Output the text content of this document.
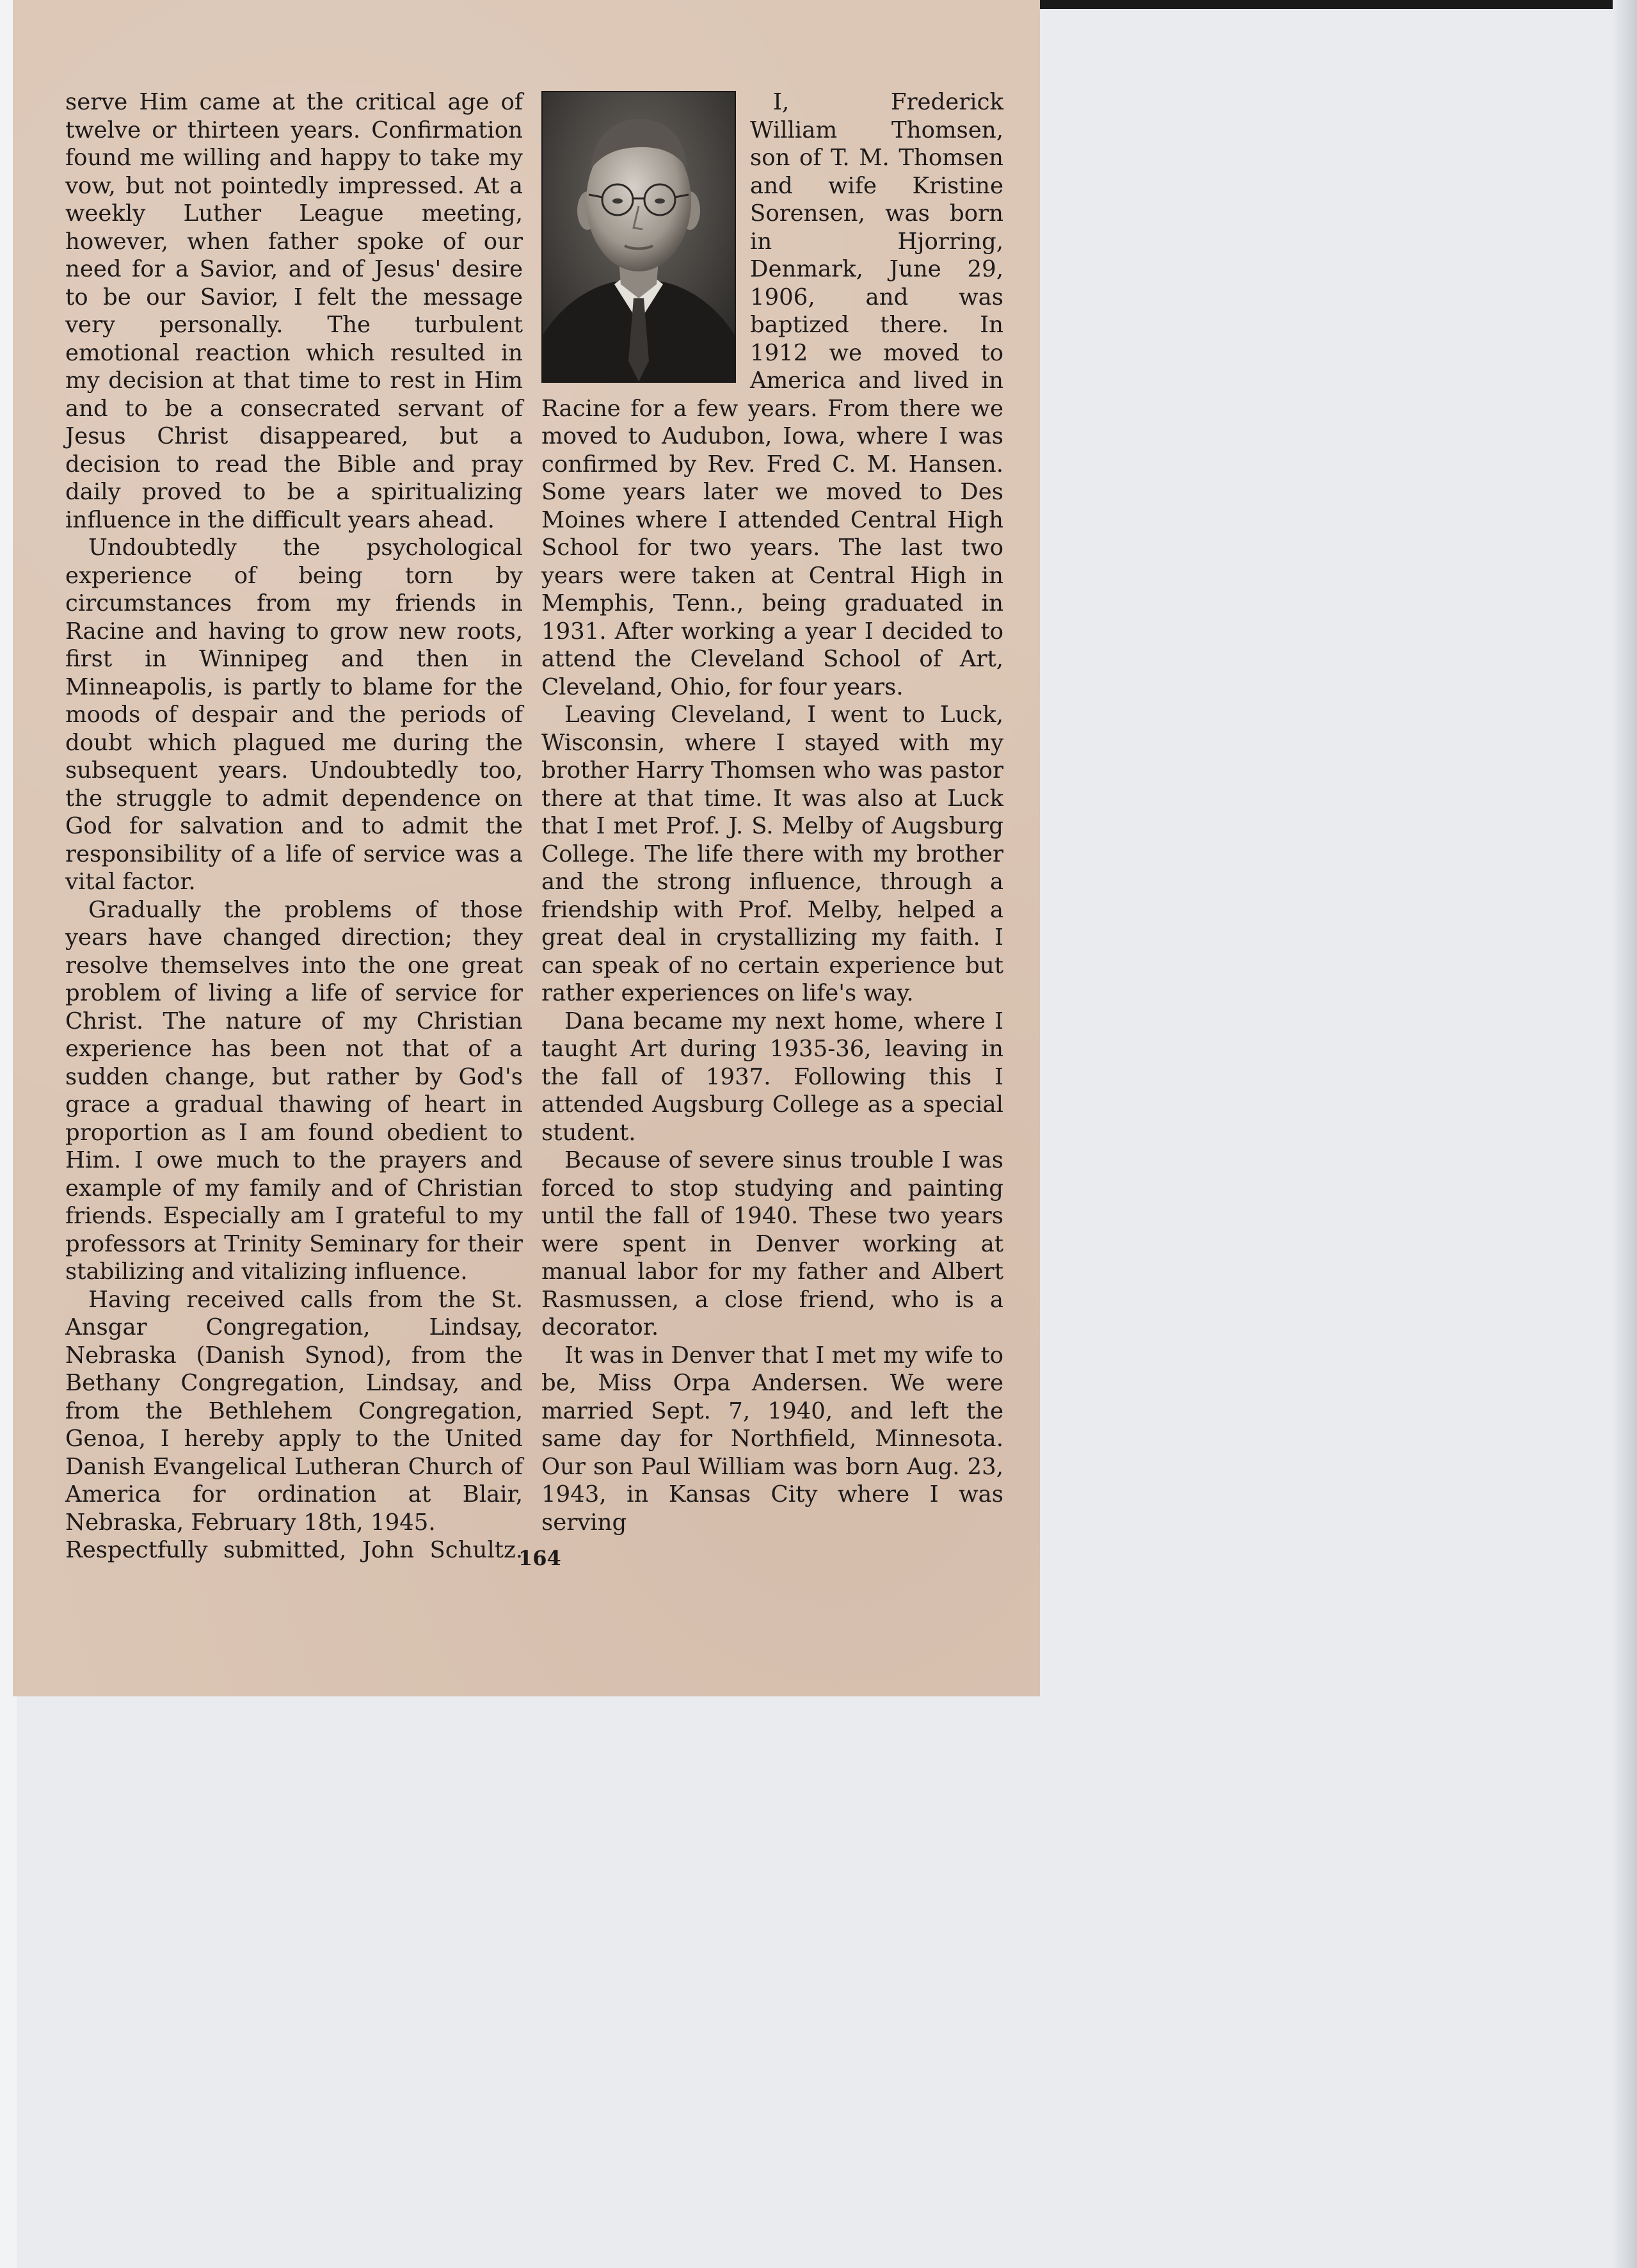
serve Him came at the critical age of twelve or thirteen years. Confirmation found me willing and happy to take my vow, but not pointedly impressed. At a weekly Luther League meeting, however, when father spoke of our need for a Savior, and of Jesus' desire to be our Savior, I felt the message very personally. The turbulent emotional reaction which resulted in my decision at that time to rest in Him and to be a consecrated servant of Jesus Christ disappeared, but a decision to read the Bible and pray daily proved to be a spiritualizing influence in the difficult years ahead.

Undoubtedly the psychological experience of being torn by circumstances from my friends in Racine and having to grow new roots, first in Winnipeg and then in Minneapolis, is partly to blame for the moods of despair and the periods of doubt which plagued me during the subsequent years. Undoubtedly too, the struggle to admit dependence on God for salvation and to admit the responsibility of a life of service was a vital factor.

Gradually the problems of those years have changed direction; they resolve themselves into the one great problem of living a life of service for Christ. The nature of my Christian experience has been not that of a sudden change, but rather by God's grace a gradual thawing of heart in proportion as I am found obedient to Him. I owe much to the prayers and example of my family and of Christian friends. Especially am I grateful to my professors at Trinity Seminary for their stabilizing and vitalizing influence.

Having received calls from the St. Ansgar Congregation, Lindsay, Nebraska (Danish Synod), from the Bethany Congregation, Lindsay, and from the Bethlehem Congregation, Genoa, I hereby apply to the United Danish Evangelical Lutheran Church of America for ordination at Blair, Nebraska, February 18th, 1945.

Respectfully submitted, John Schultz.

I, Frederick William Thomsen, son of T. M. Thomsen and wife Kristine Sorensen, was born in Hjorring, Denmark, June 29, 1906, and was baptized there. In 1912 we moved to America and lived in Racine for a few years. From there we moved to Audubon, Iowa, where I was confirmed by Rev. Fred C. M. Hansen. Some years later we moved to Des Moines where I attended Central High School for two years. The last two years were taken at Central High in Memphis, Tenn., being graduated in 1931. After working a year I decided to attend the Cleveland School of Art, Cleveland, Ohio, for four years.

Leaving Cleveland, I went to Luck, Wisconsin, where I stayed with my brother Harry Thomsen who was pastor there at that time. It was also at Luck that I met Prof. J. S. Melby of Augsburg College. The life there with my brother and the strong influence, through a friendship with Prof. Melby, helped a great deal in crystallizing my faith. I can speak of no certain experience but rather experiences on life's way.

Dana became my next home, where I taught Art during 1935-36, leaving in the fall of 1937. Following this I attended Augsburg College as a special student.

Because of severe sinus trouble I was forced to stop studying and painting until the fall of 1940. These two years were spent in Denver working at manual labor for my father and Albert Rasmussen, a close friend, who is a decorator.

It was in Denver that I met my wife to be, Miss Orpa Andersen. We were married Sept. 7, 1940, and left the same day for Northfield, Minnesota. Our son Paul William was born Aug. 23, 1943, in Kansas City where I was serving

164
